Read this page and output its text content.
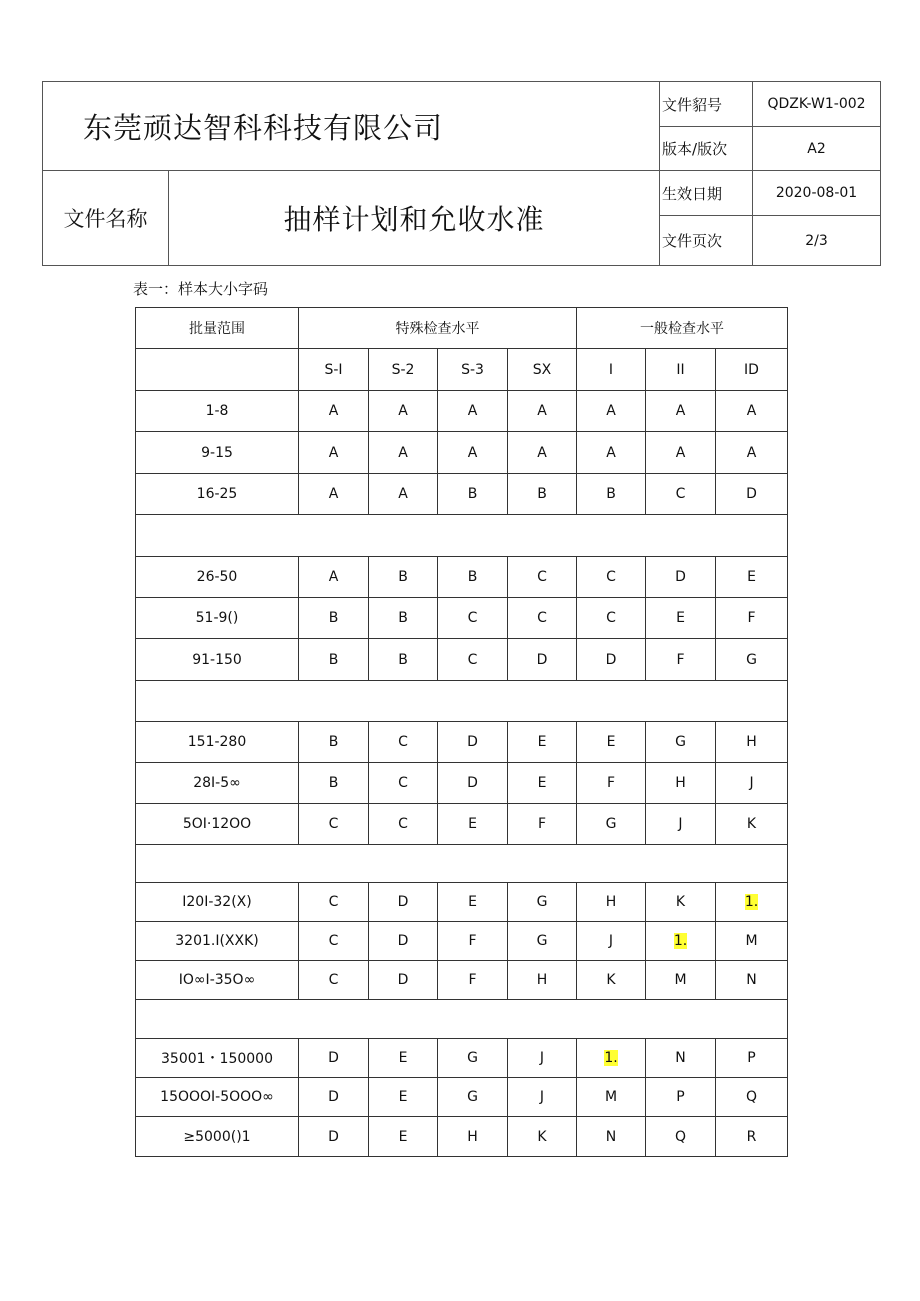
东莞顽达智科科技有限公司		文件貂号	QDZK-W1-002
		版本/版次	A2
文件名称	抽样计划和允收水准	生效日期	2020-08-01
		文件页次	2/3
表一：样本大小字码
批量范围	特殊检查水平				一般检查水平		
	S-I	S-2	S-3	SX	I	II	ID
1-8	A	A	A	A	A	A	A
9-15	A	A	A	A	A	A	A
16-25	A	A	B	B	B	C	D

26-50	A	B	B	C	C	D	E
51-9()	B	B	C	C	C	E	F
91-150	B	B	C	D	D	F	G

151-280	B	C	D	E	E	G	H
28I-5∞	B	C	D	E	F	H	J
5OI·12OO	C	C	E	F	G	J	K

I20I-32(X)	C	D	E	G	H	K	1.
3201.I(XXK)	C	D	F	G	J	1.	M
IO∞I-35O∞	C	D	F	H	K	M	N

35001・150000	D	E	G	J	1.	N	P
15OOOI-5OOO∞	D	E	G	J	M	P	Q
≥5000()1	D	E	H	K	N	Q	R
